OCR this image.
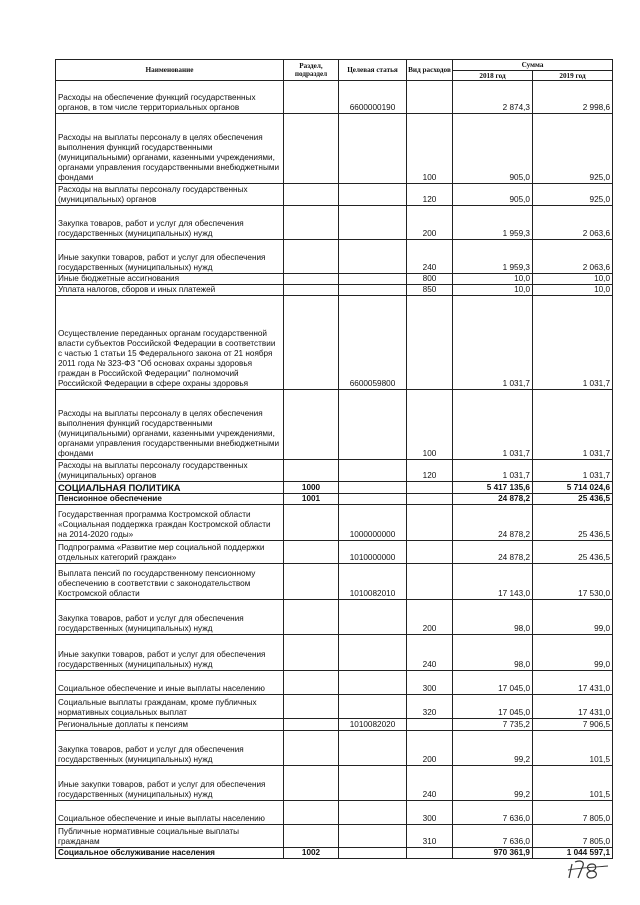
Наименование	Раздел, подраздел	Целевая статья	Вид расходов	Сумма	
				2018 год	2019 год
Расходы на обеспечение функций государственных органов, в том числе территориальных органов		6600000190		2 874,3	2 998,6
Расходы на выплаты персоналу в целях обеспечения выполнения функций государственными (муниципальными) органами, казенными учреждениями, органами управления государственными внебюджетными фондами			100	905,0	925,0
Расходы на выплаты персоналу государственных (муниципальных) органов			120	905,0	925,0
Закупка товаров, работ и услуг для обеспечения государственных (муниципальных) нужд			200	1 959,3	2 063,6
Иные закупки товаров, работ и услуг для обеспечения государственных (муниципальных) нужд			240	1 959,3	2 063,6
Иные бюджетные ассигнования			800	10,0	10,0
Уплата налогов, сборов и иных платежей			850	10,0	10,0
Осуществление переданных органам государственной власти субъектов Российской Федерации в соответствии с частью 1 статьи 15 Федерального закона от 21 ноября 2011 года № 323-ФЗ "Об основах охраны здоровья граждан в Российской Федерации" полномочий Российской Федерации в сфере охраны здоровья		6600059800		1 031,7	1 031,7
Расходы на выплаты персоналу в целях обеспечения выполнения функций государственными (муниципальными) органами, казенными учреждениями, органами управления государственными внебюджетными фондами			100	1 031,7	1 031,7
Расходы на выплаты персоналу государственных (муниципальных) органов			120	1 031,7	1 031,7
СОЦИАЛЬНАЯ ПОЛИТИКА	1000			5 417 135,6	5 714 024,6
Пенсионное обеспечение	1001			24 878,2	25 436,5
Государственная программа Костромской области «Социальная поддержка граждан Костромской области на 2014-2020 годы»		1000000000		24 878,2	25 436,5
Подпрограмма «Развитие мер социальной поддержки отдельных категорий граждан»		1010000000		24 878,2	25 436,5
Выплата пенсий по государственному пенсионному обеспечению в соответствии с законодательством Костромской области		1010082010		17 143,0	17 530,0
Закупка товаров, работ и услуг для обеспечения государственных (муниципальных) нужд			200	98,0	99,0
Иные закупки товаров, работ и услуг для обеспечения государственных (муниципальных) нужд			240	98,0	99,0
Социальное обеспечение и иные выплаты населению			300	17 045,0	17 431,0
Социальные выплаты гражданам, кроме публичных нормативных социальных выплат			320	17 045,0	17 431,0
Региональные доплаты к пенсиям		1010082020		7 735,2	7 906,5
Закупка товаров, работ и услуг для обеспечения государственных (муниципальных) нужд			200	99,2	101,5
Иные закупки товаров, работ и услуг для обеспечения государственных (муниципальных) нужд			240	99,2	101,5
Социальное обеспечение и иные выплаты населению			300	7 636,0	7 805,0
Публичные нормативные социальные выплаты гражданам			310	7 636,0	7 805,0
Социальное обслуживание населения	1002			970 361,9	1 044 597,1
